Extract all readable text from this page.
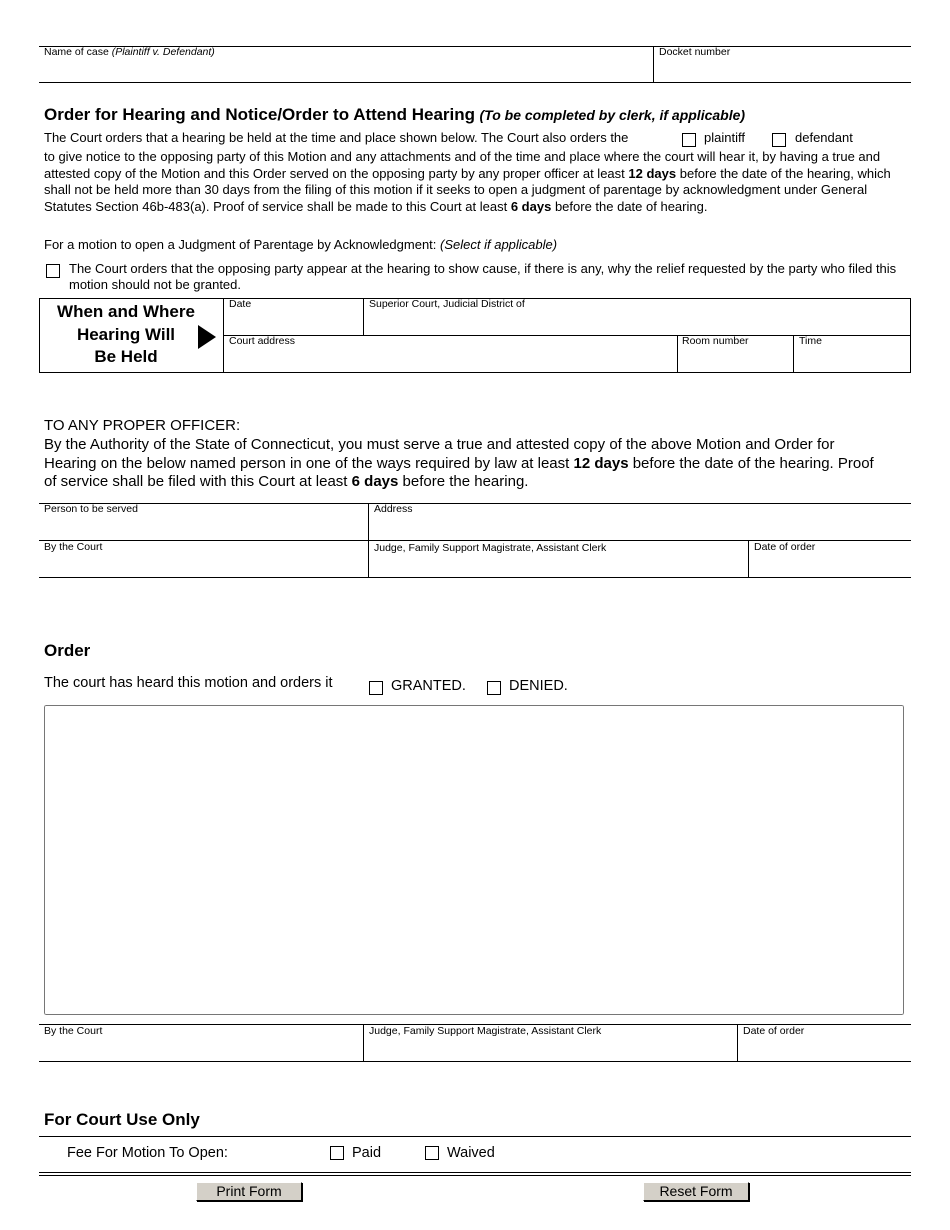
Name of case (Plaintiff v. Defendant)	Docket number
Order for Hearing and Notice/Order to Attend Hearing (To be completed by clerk, if applicable)
The Court orders that a hearing be held at the time and place shown below. The Court also orders the	plaintiff	defendant
to give notice to the opposing party of this Motion and any attachments and of the time and place where the court will hear it, by having a true and attested copy of the Motion and this Order served on the opposing party by any proper officer at least 12 days before the date of the hearing, which shall not be held more than 30 days from the filing of this motion if it seeks to open a judgment of parentage by acknowledgment under General Statutes Section 46b-483(a). Proof of service shall be made to this Court at least 6 days before the date of hearing.
For a motion to open a Judgment of Parentage by Acknowledgment: (Select if applicable)
The Court orders that the opposing party appear at the hearing to show cause, if there is any, why the relief requested by the party who filed this motion should not be granted.
When and Where
Hearing Will
Be Held
Date	Superior Court, Judicial District of
Court address	Room number	Time
TO ANY PROPER OFFICER:
By the Authority of the State of Connecticut, you must serve a true and attested copy of the above Motion and Order for Hearing on the below named person in one of the ways required by law at least 12 days before the date of the hearing. Proof of service shall be filed with this Court at least 6 days before the hearing.
Person to be served	Address
By the Court	Judge, Family Support Magistrate, Assistant Clerk	Date of order
Order
The court has heard this motion and orders it	GRANTED.	DENIED.
By the Court	Judge, Family Support Magistrate, Assistant Clerk	Date of order
For Court Use Only
Fee For Motion To Open:	Paid	Waived
Print Form	Reset Form
